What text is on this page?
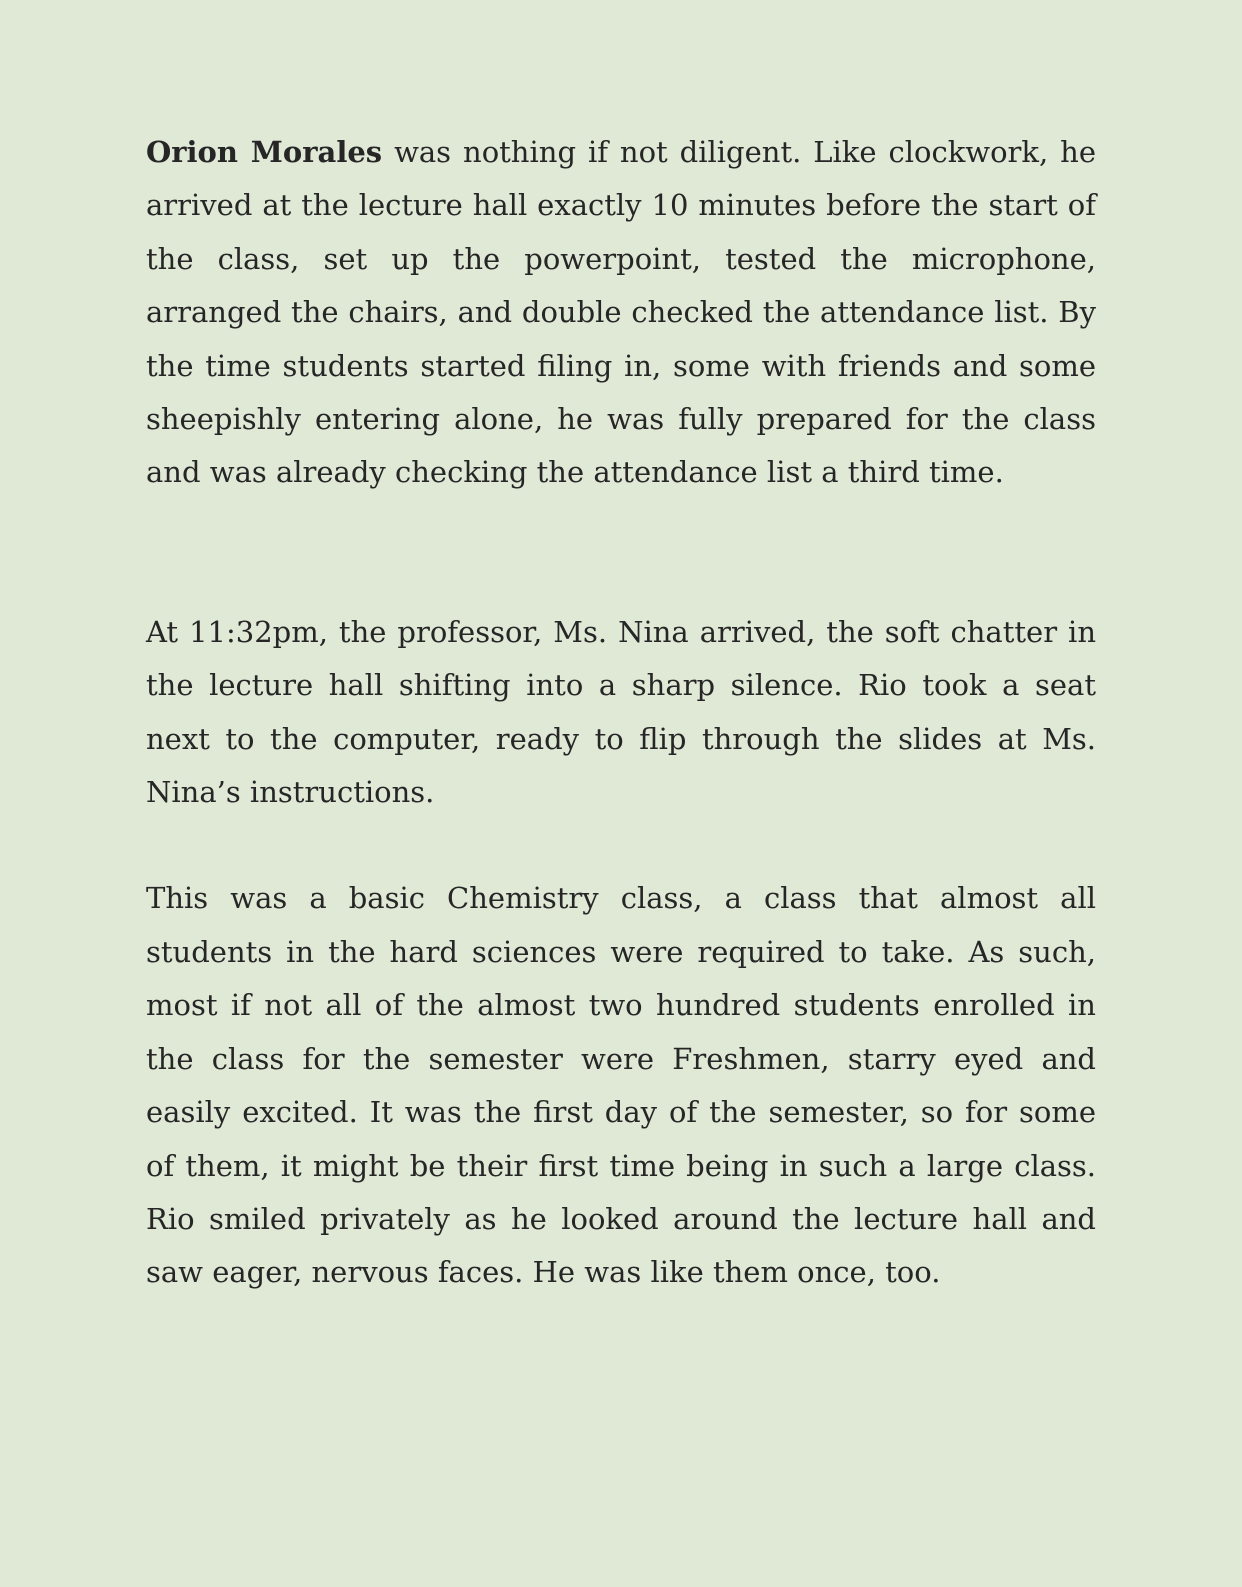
Orion Morales was nothing if not diligent. Like clockwork, he arrived at the lecture hall exactly 10 minutes before the start of the class, set up the powerpoint, tested the microphone, arranged the chairs, and double checked the attendance list. By the time students started filing in, some with friends and some sheepishly entering alone, he was fully prepared for the class and was already checking the attendance list a third time.

At 11:32pm, the professor, Ms. Nina arrived, the soft chatter in the lecture hall shifting into a sharp silence. Rio took a seat next to the computer, ready to flip through the slides at Ms. Nina’s instructions.

This was a basic Chemistry class, a class that almost all students in the hard sciences were required to take. As such, most if not all of the almost two hundred students enrolled in the class for the semester were Freshmen, starry eyed and easily excited. It was the first day of the semester, so for some of them, it might be their first time being in such a large class. Rio smiled privately as he looked around the lecture hall and saw eager, nervous faces. He was like them once, too.
